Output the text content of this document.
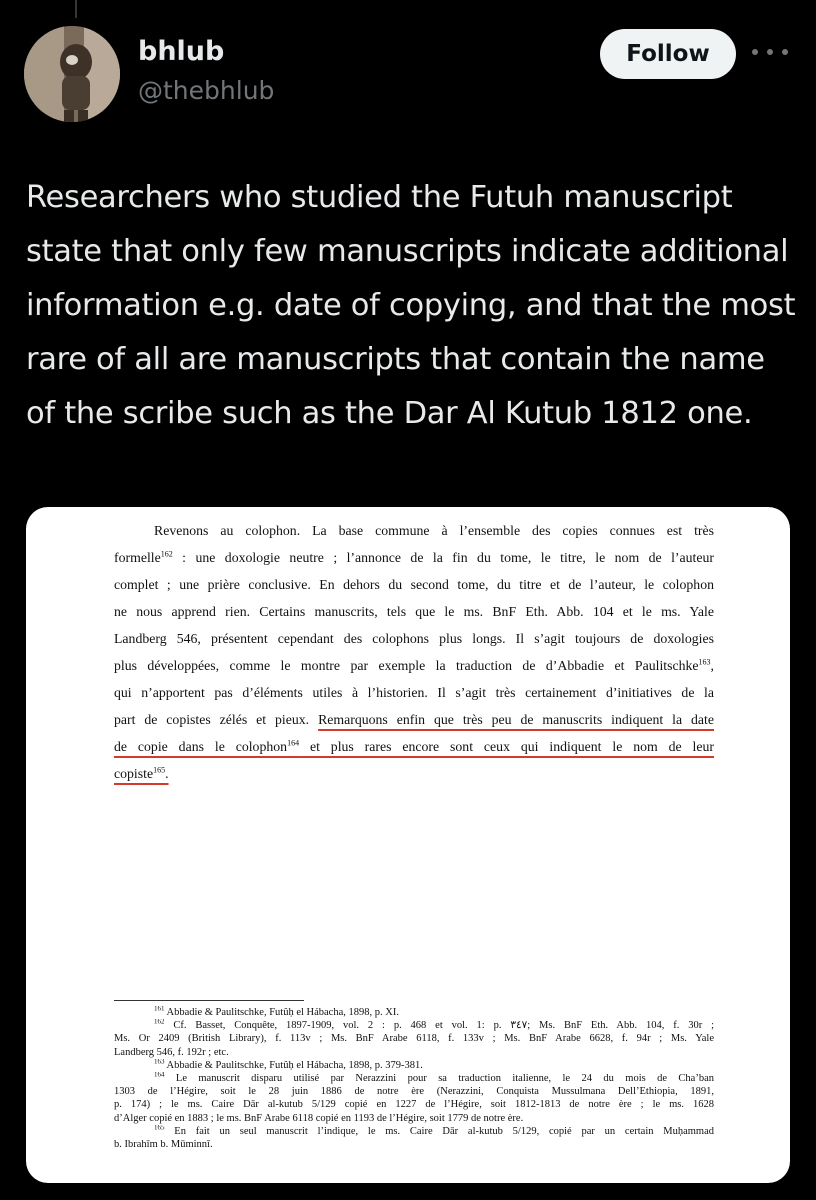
bhlub
@thebhlub
Follow
Researchers who studied the Futuh manuscript state that only few manuscripts indicate additional information e.g. date of copying, and that the most rare of all are manuscripts that contain the name of the scribe such as the Dar Al Kutub 1812 one.
Revenons au colophon. La base commune à l’ensemble des copies connues est très
formelle$^{162}$ : une doxologie neutre ; l’annonce de la fin du tome, le titre, le nom de l’auteur
complet ; une prière conclusive. En dehors du second tome, du titre et de l’auteur, le colophon
ne nous apprend rien. Certains manuscrits, tels que le ms. BnF Eth. Abb. 104 et le ms. Yale
Landberg 546, présentent cependant des colophons plus longs. Il s’agit toujours de doxologies
plus développées, comme le montre par exemple la traduction de d’Abbadie et Paulitschke$^{163}$,
qui n’apportent pas d’éléments utiles à l’historien. Il s’agit très certainement d’initiatives de la
part de copistes zélés et pieux. Remarquons enfin que très peu de manuscrits indiquent la date
de copie dans le colophon$^{164}$ et plus rares encore sont ceux qui indiquent le nom de leur
copiste$^{165}$.
$^{161}$ Abbadie & Paulitschke, Futûḥ el Hábacha, 1898, p. XI.
$^{162}$ Cf. Basset, Conquête, 1897-1909, vol. 2 : p. 468 et vol. 1: p. ٣٤٧; Ms. BnF Eth. Abb. 104, f. 30r ;
Ms. Or 2409 (British Library), f. 113v ; Ms. BnF Arabe 6118, f. 133v ; Ms. BnF Arabe 6628, f. 94r ; Ms. Yale
Landberg 546, f. 192r ; etc.
$^{163}$ Abbadie & Paulitschke, Futûḥ el Hábacha, 1898, p. 379-381.
$^{164}$ Le manuscrit disparu utilisé par Nerazzini pour sa traduction italienne, le 24 du mois de Cha’ban
1303 de l’Hégire, soit le 28 juin 1886 de notre ère (Nerazzini, Conquista Mussulmana Dell’Ethiopia, 1891,
p. 174) ; le ms. Caire Dār al-kutub 5/129 copié en 1227 de l’Hégire, soit 1812-1813 de notre ère ; le ms. 1628
d’Alger copié en 1883 ; le ms. BnF Arabe 6118 copié en 1193 de l’Hégire, soit 1779 de notre ère.
$^{165}$ En fait un seul manuscrit l’indique, le ms. Caire Dār al-kutub 5/129, copié par un certain Muḥammad
b. Ibrahīm b. Mūminnī.
